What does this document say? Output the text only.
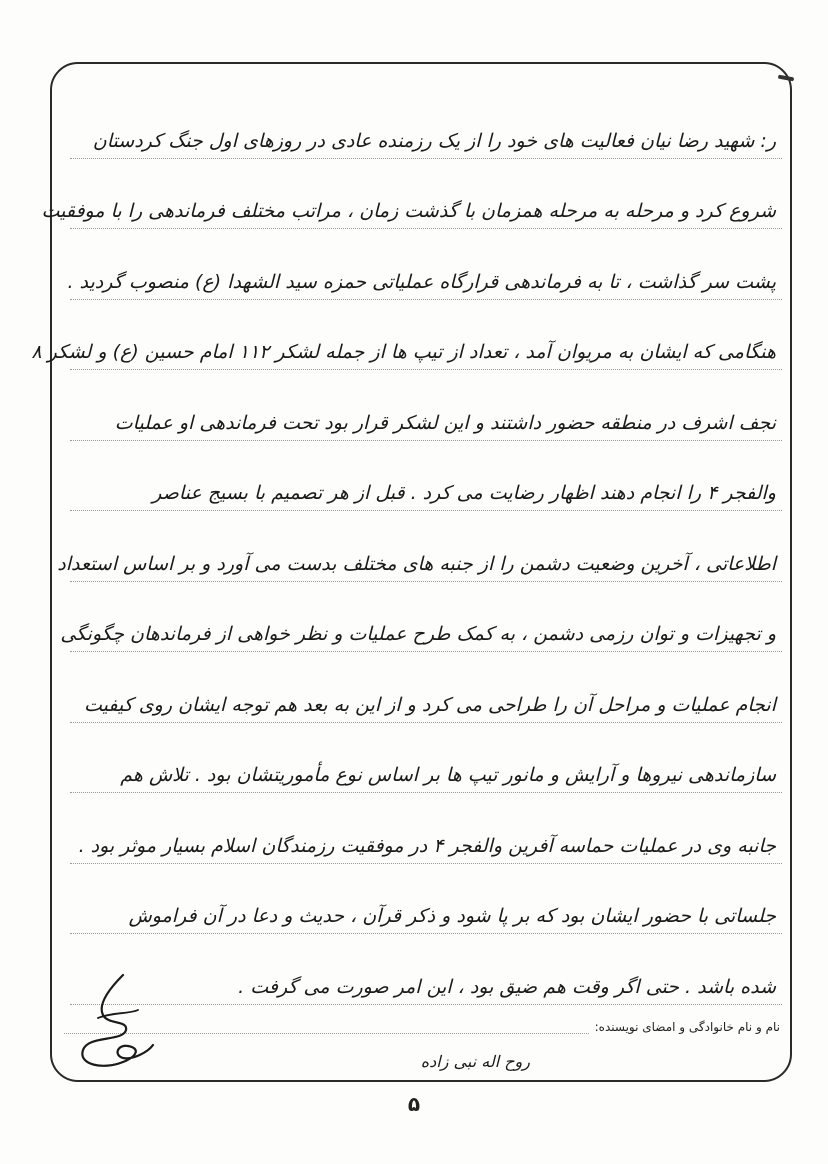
ر: شهید رضا نیان فعالیت های خود را از یک رزمنده عادی در روزهای اول جنگ کردستان
شروع کرد و مرحله به مرحله همزمان با گذشت زمان ، مراتب مختلف فرماندهی را با موفقیت
پشت سر گذاشت ، تا به فرماندهی قرارگاه عملیاتی حمزه سید الشهدا (ع) منصوب گردید .
هنگامی که ایشان به مریوان آمد ، تعداد از تیپ ها از جمله لشکر ۱۱۲ امام حسین (ع) و لشکر ۸
نجف اشرف در منطقه حضور داشتند و این لشکر قرار بود تحت فرماندهی او عملیات
والفجر ۴ را انجام دهند اظهار رضایت می کرد . قبل از هر تصمیم با بسیج عناصر
اطلاعاتی ، آخرین وضعیت دشمن را از جنبه های مختلف بدست می آورد و بر اساس استعداد
و تجهیزات و توان رزمی دشمن ، به کمک طرح عملیات و نظر خواهی از فرماندهان چگونگی
انجام عملیات و مراحل آن را طراحی می کرد و از این به بعد هم توجه ایشان روی کیفیت
سازماندهی نیروها و آرایش و مانور تیپ ها بر اساس نوع مأموریتشان بود . تلاش هم
جانبه وی در عملیات حماسه آفرین والفجر ۴ در موفقیت رزمندگان اسلام بسیار موثر بود .
جلساتی با حضور ایشان بود که بر پا شود و ذکر قرآن ، حدیث و دعا در آن فراموش
شده باشد . حتی اگر وقت هم ضیق بود ، این امر صورت می گرفت .
نام و نام خانوادگی و امضای نویسنده:
روح اله نبی زاده
۵
